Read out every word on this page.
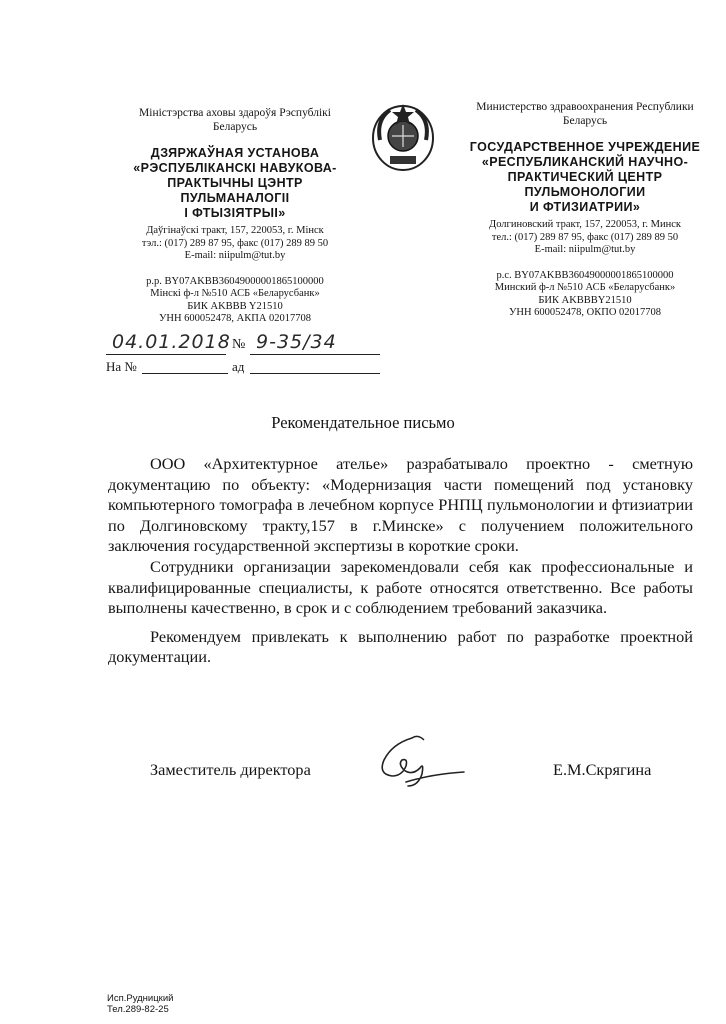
Міністэрства аховы здароўя Рэспублікі
Беларусь
ДЗЯРЖАЎНАЯ УСТАНОВА
«РЭСПУБЛІКАНСКІ НАВУКОВА-
ПРАКТЫЧНЫ ЦЭНТР
ПУЛЬМАНАЛОГІІ
І ФТЫЗІЯТРЫІ»
Даўгінаўскі тракт, 157, 220053, г. Мінск
тэл.: (017) 289 87 95, факс (017) 289 89 50
E-mail: niipulm@tut.by
р.р. BY07AKBB36049000001865100000
Мінскі ф-л №510 АСБ «Беларусбанк»
БИК AKBBB Y21510
УНН 600052478, АКПА 02017708
Министерство здравоохранения Республики
Беларусь
ГОСУДАРСТВЕННОЕ УЧРЕЖДЕНИЕ
«РЕСПУБЛИКАНСКИЙ НАУЧНО-
ПРАКТИЧЕСКИЙ ЦЕНТР
ПУЛЬМОНОЛОГИИ
И ФТИЗИАТРИИ»
Долгиновский тракт, 157, 220053, г. Минск
тел.: (017) 289 87 95, факс (017) 289 89 50
E-mail: niipulm@tut.by
р.с. BY07AKBB36049000001865100000
Минский ф-л №510 АСБ «Беларусбанк»
БИК AKBBBY21510
УНН 600052478, ОКПО 02017708
04.01.2018 № 9-35/34
На №	ад
Рекомендательное письмо

ООО «Архитектурное ателье» разрабатывало проектно - сметную документацию по объекту: «Модернизация части помещений под установку компьютерного томографа в лечебном корпусе РНПЦ пульмонологии и фтизиатрии по Долгиновскому тракту,157 в г.Минске» с получением положительного заключения государственной экспертизы в короткие сроки.

Сотрудники организации зарекомендовали себя как профессиональные и квалифицированные специалисты, к работе относятся ответственно. Все работы выполнены качественно, в срок и с соблюдением требований заказчика.

Рекомендуем привлекать к выполнению работ по разработке проектной документации.

Заместитель директора	Е.М.Скрягина
Исп.Рудницкий
Тел.289-82-25
